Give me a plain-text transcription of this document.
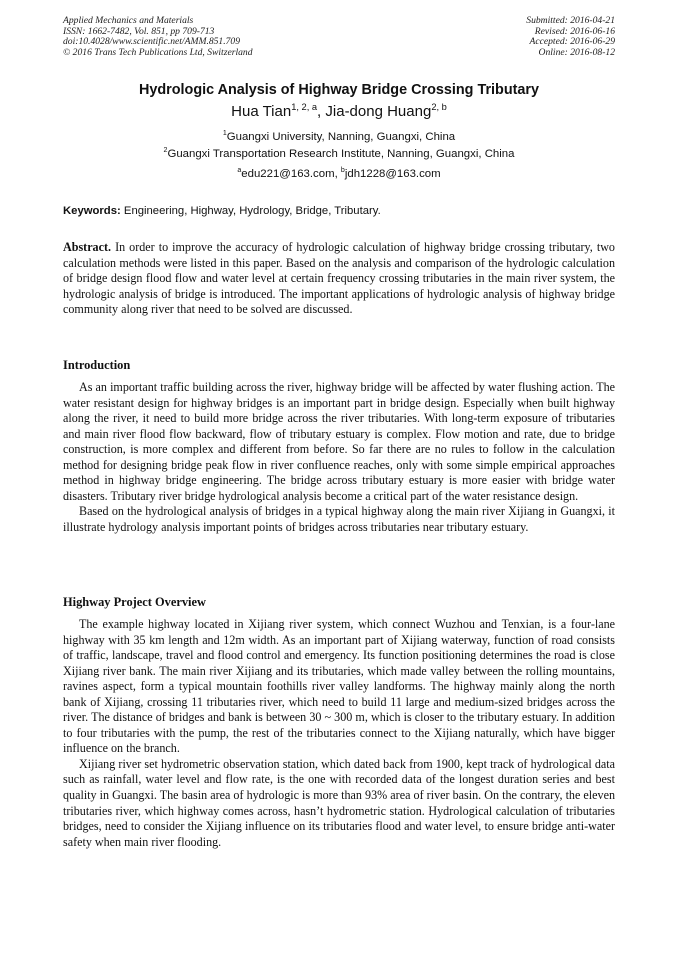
Applied Mechanics and Materials
ISSN: 1662-7482, Vol. 851, pp 709-713
doi:10.4028/www.scientific.net/AMM.851.709
© 2016 Trans Tech Publications Ltd, Switzerland
Submitted: 2016-04-21
Revised: 2016-06-16
Accepted: 2016-06-29
Online: 2016-08-12
Hydrologic Analysis of Highway Bridge Crossing Tributary
Hua Tian$^{1, 2, a}$, Jia-dong Huang$^{2, b}$
$^1$Guangxi University, Nanning, Guangxi, China
$^2$Guangxi Transportation Research Institute, Nanning, Guangxi, China
$^a$edu221@163.com, $^b$jdh1228@163.com
Keywords: Engineering, Highway, Hydrology, Bridge, Tributary.

Abstract. In order to improve the accuracy of hydrologic calculation of highway bridge crossing tributary, two calculation methods were listed in this paper. Based on the analysis and comparison of the hydrologic calculation of bridge design flood flow and water level at certain frequency crossing tributaries in the main river system, the hydrologic analysis of bridge is introduced. The important applications of hydrologic analysis of highway bridge community along river that need to be solved are discussed.

Introduction

As an important traffic building across the river, highway bridge will be affected by water flushing action. The water resistant design for highway bridges is an important part in bridge design. Especially when built highway along the river, it need to build more bridge across the river tributaries. With long-term exposure of tributaries and main river flood flow backward, flow of tributary estuary is complex. Flow motion and rate, due to bridge construction, is more complex and different from before. So far there are no rules to follow in the calculation method for designing bridge peak flow in river confluence reaches, only with some simple empirical approaches method in highway bridge engineering. The bridge across tributary estuary is more easier with bridge water disasters. Tributary river bridge hydrological analysis become a critical part of the water resistance design.

Based on the hydrological analysis of bridges in a typical highway along the main river Xijiang in Guangxi, it illustrate hydrology analysis important points of bridges across tributaries near tributary estuary.

Highway Project Overview

The example highway located in Xijiang river system, which connect Wuzhou and Tenxian, is a four-lane highway with 35 km length and 12m width. As an important part of Xijiang waterway, function of road consists of traffic, landscape, travel and flood control and emergency. Its function positioning determines the road is close Xijiang river bank. The main river Xijiang and its tributaries, which made valley between the rolling mountains, ravines aspect, form a typical mountain foothills river valley landforms. The highway mainly along the north bank of Xijiang, crossing 11 tributaries river, which need to build 11 large and medium-sized bridges across the river. The distance of bridges and bank is between 30 ~ 300 m, which is closer to the tributary estuary. In addition to four tributaries with the pump, the rest of the tributaries connect to the Xijiang naturally, which have bigger influence on the branch.

Xijiang river set hydrometric observation station, which dated back from 1900, kept track of hydrological data such as rainfall, water level and flow rate, is the one with recorded data of the longest duration series and best quality in Guangxi. The basin area of hydrologic is more than 93% area of river basin. On the contrary, the eleven tributaries river, which highway comes across, hasn’t hydrometric station. Hydrological calculation of tributaries bridges, need to consider the Xijiang influence on its tributaries flood and water level, to ensure bridge anti-water safety when main river flooding.
